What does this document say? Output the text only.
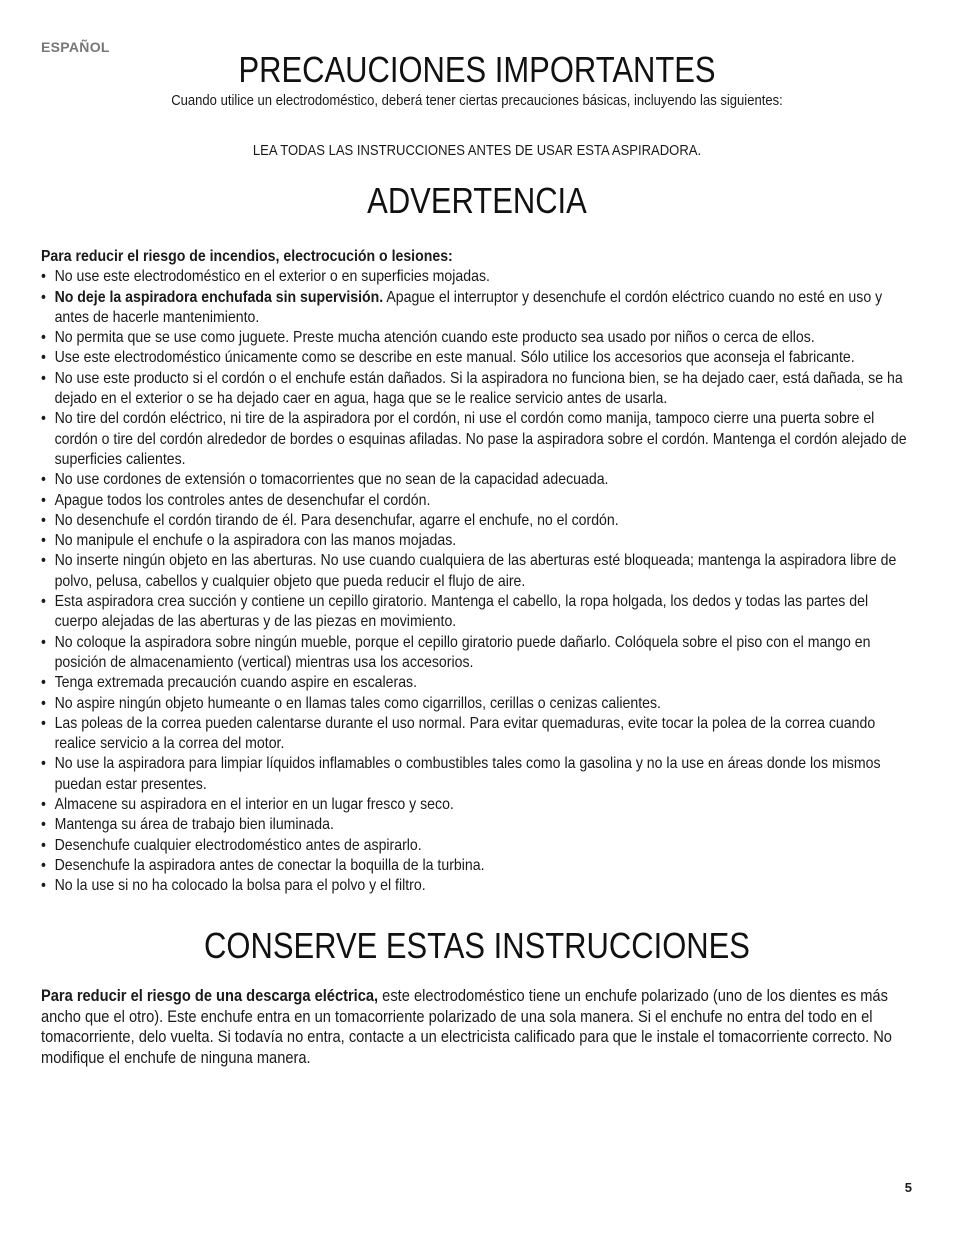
ESPAÑOL
PRECAUCIONES IMPORTANTES
Cuando utilice un electrodoméstico, deberá tener ciertas precauciones básicas, incluyendo las siguientes:
LEA TODAS LAS INSTRUCCIONES ANTES DE USAR ESTA ASPIRADORA.
ADVERTENCIA
Para reducir el riesgo de incendios, electrocución o lesiones:
• No use este electrodoméstico en el exterior o en superficies mojadas.
• No deje la aspiradora enchufada sin supervisión. Apague el interruptor y desenchufe el cordón eléctrico cuando no esté en uso y antes de hacerle mantenimiento.
• No permita que se use como juguete. Preste mucha atención cuando este producto sea usado por niños o cerca de ellos.
• Use este electrodoméstico únicamente como se describe en este manual. Sólo utilice los accesorios que aconseja el fabricante.
• No use este producto si el cordón o el enchufe están dañados. Si la aspiradora no funciona bien, se ha dejado caer, está dañada, se ha dejado en el exterior o se ha dejado caer en agua, haga que se le realice servicio antes de usarla.
• No tire del cordón eléctrico, ni tire de la aspiradora por el cordón, ni use el cordón como manija, tampoco cierre una puerta sobre el cordón o tire del cordón alrededor de bordes o esquinas afiladas. No pase la aspiradora sobre el cordón. Mantenga el cordón alejado de superficies calientes.
• No use cordones de extensión o tomacorrientes que no sean de la capacidad adecuada.
• Apague todos los controles antes de desenchufar el cordón.
• No desenchufe el cordón tirando de él. Para desenchufar, agarre el enchufe, no el cordón.
• No manipule el enchufe o la aspiradora con las manos mojadas.
• No inserte ningún objeto en las aberturas. No use cuando cualquiera de las aberturas esté bloqueada; mantenga la aspiradora libre de polvo, pelusa, cabellos y cualquier objeto que pueda reducir el flujo de aire.
• Esta aspiradora crea succión y contiene un cepillo giratorio. Mantenga el cabello, la ropa holgada, los dedos y todas las partes del cuerpo alejadas de las aberturas y de las piezas en movimiento.
• No coloque la aspiradora sobre ningún mueble, porque el cepillo giratorio puede dañarlo. Colóquela sobre el piso con el mango en posición de almacenamiento (vertical) mientras usa los accesorios.
• Tenga extremada precaución cuando aspire en escaleras.
• No aspire ningún objeto humeante o en llamas tales como cigarrillos, cerillas o cenizas calientes.
• Las poleas de la correa pueden calentarse durante el uso normal. Para evitar quemaduras, evite tocar la polea de la correa cuando realice servicio a la correa del motor.
• No use la aspiradora para limpiar líquidos inflamables o combustibles tales como la gasolina y no la use en áreas donde los mismos puedan estar presentes.
• Almacene su aspiradora en el interior en un lugar fresco y seco.
• Mantenga su área de trabajo bien iluminada.
• Desenchufe cualquier electrodoméstico antes de aspirarlo.
• Desenchufe la aspiradora antes de conectar la boquilla de la turbina.
• No la use si no ha colocado la bolsa para el polvo y el filtro.
CONSERVE ESTAS INSTRUCCIONES
Para reducir el riesgo de una descarga eléctrica, este electrodoméstico tiene un enchufe polarizado (uno de los dientes es más ancho que el otro). Este enchufe entra en un tomacorriente polarizado de una sola manera. Si el enchufe no entra del todo en el tomacorriente, delo vuelta. Si todavía no entra, contacte a un electricista calificado para que le instale el tomacorriente correcto. No modifique el enchufe de ninguna manera.
5
